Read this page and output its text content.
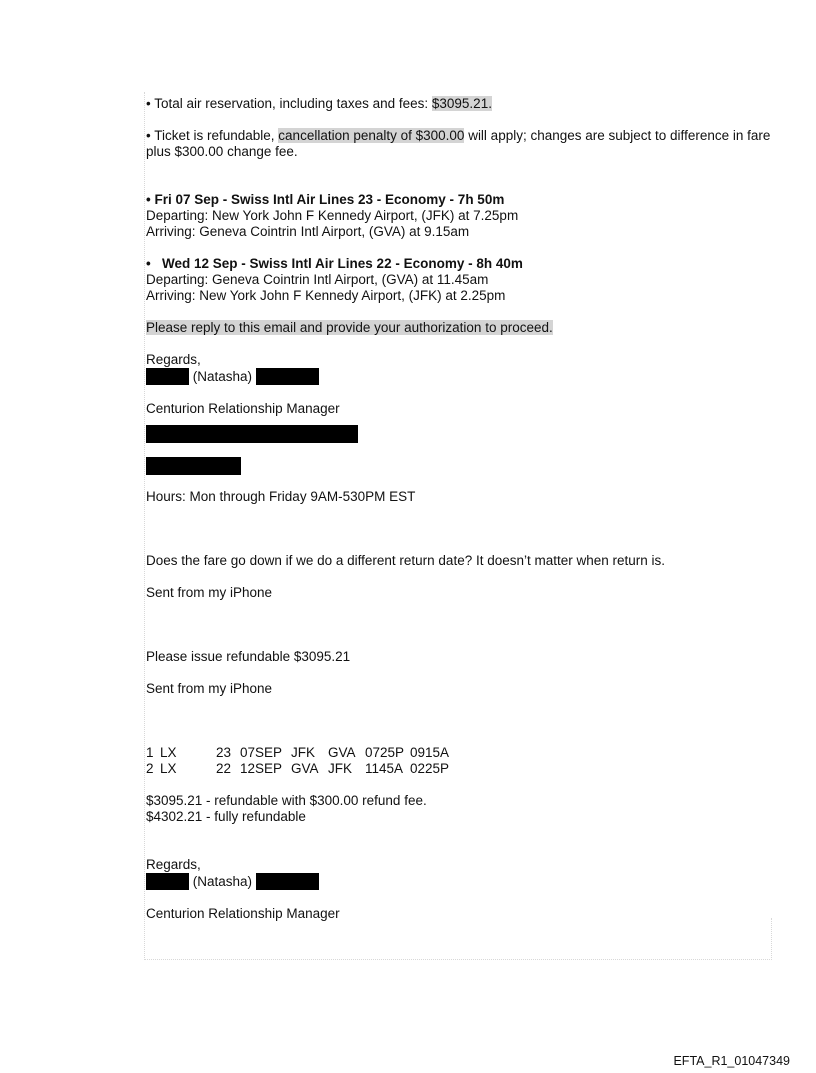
• Total air reservation, including taxes and fees: $3095.21.

• Ticket is refundable, cancellation penalty of $300.00 will apply; changes are subject to difference in fare plus $300.00 change fee.

• Fri 07 Sep - Swiss Intl Air Lines 23 - Economy - 7h 50m

Departing: New York John F Kennedy Airport, (JFK) at 7.25pm

Arriving: Geneva Cointrin Intl Airport, (GVA) at 9.15am

• Wed 12 Sep - Swiss Intl Air Lines 22 - Economy - 8h 40m

Departing: Geneva Cointrin Intl Airport, (GVA) at 11.45am

Arriving: New York John F Kennedy Airport, (JFK) at 2.25pm

Please reply to this email and provide your authorization to proceed.

Regards,

(Natasha)

Centurion Relationship Manager

Hours: Mon through Friday 9AM-530PM EST

Does the fare go down if we do a different return date? It doesn’t matter when return is.

Sent from my iPhone

Please issue refundable $3095.21

Sent from my iPhone

1 LX	23 07SEP JFK GVA 0725P 0915A
2 LX	22 12SEP GVA JFK 1145A 0225P

$3095.21 - refundable with $300.00 refund fee.

$4302.21 - fully refundable

Regards,

(Natasha)

Centurion Relationship Manager

EFTA_R1_01047349
